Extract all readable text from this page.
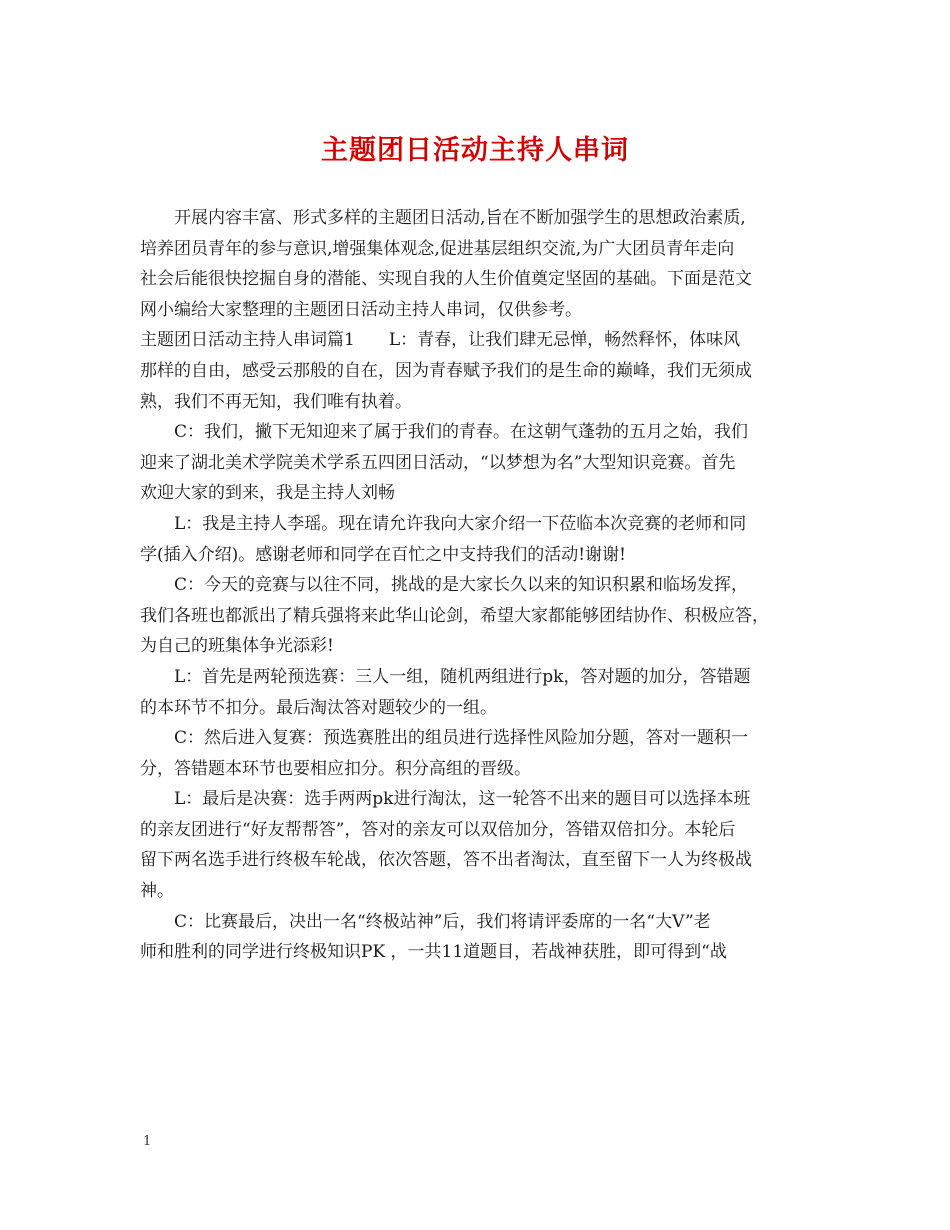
主题团日活动主持人串词
开展内容丰富、形式多样的主题团日活动,旨在不断加强学生的思想政治素质,
培养团员青年的参与意识,增强集体观念,促进基层组织交流,为广大团员青年走向
社会后能很快挖掘自身的潜能、实现自我的人生价值奠定坚固的基础。下面是范文
网小编给大家整理的主题团日活动主持人串词，仅供参考。
主题团日活动主持人串词篇1　　L：青春，让我们肆无忌惮，畅然释怀，体味风
那样的自由，感受云那般的自在，因为青春赋予我们的是生命的巅峰，我们无须成
熟，我们不再无知，我们唯有执着。
C：我们，撇下无知迎来了属于我们的青春。在这朝气蓬勃的五月之始，我们
迎来了湖北美术学院美术学系五四团日活动，“以梦想为名”大型知识竞赛。首先
欢迎大家的到来，我是主持人刘畅
L：我是主持人李瑶。现在请允许我向大家介绍一下莅临本次竞赛的老师和同
学(插入介绍)。感谢老师和同学在百忙之中支持我们的活动!谢谢!
C：今天的竞赛与以往不同，挑战的是大家长久以来的知识积累和临场发挥，
我们各班也都派出了精兵强将来此华山论剑，希望大家都能够团结协作、积极应答，
为自己的班集体争光添彩!
L：首先是两轮预选赛：三人一组，随机两组进行pk，答对题的加分，答错题
的本环节不扣分。最后淘汰答对题较少的一组。
C：然后进入复赛：预选赛胜出的组员进行选择性风险加分题，答对一题积一
分，答错题本环节也要相应扣分。积分高组的晋级。
L：最后是决赛：选手两两pk进行淘汰，这一轮答不出来的题目可以选择本班
的亲友团进行“好友帮帮答”，答对的亲友可以双倍加分，答错双倍扣分。本轮后
留下两名选手进行终极车轮战，依次答题，答不出者淘汰，直至留下一人为终极战
神。
C：比赛最后，决出一名“终极站神”后，我们将请评委席的一名“大V”老
师和胜利的同学进行终极知识PK ，一共11道题目，若战神获胜，即可得到“战
1
